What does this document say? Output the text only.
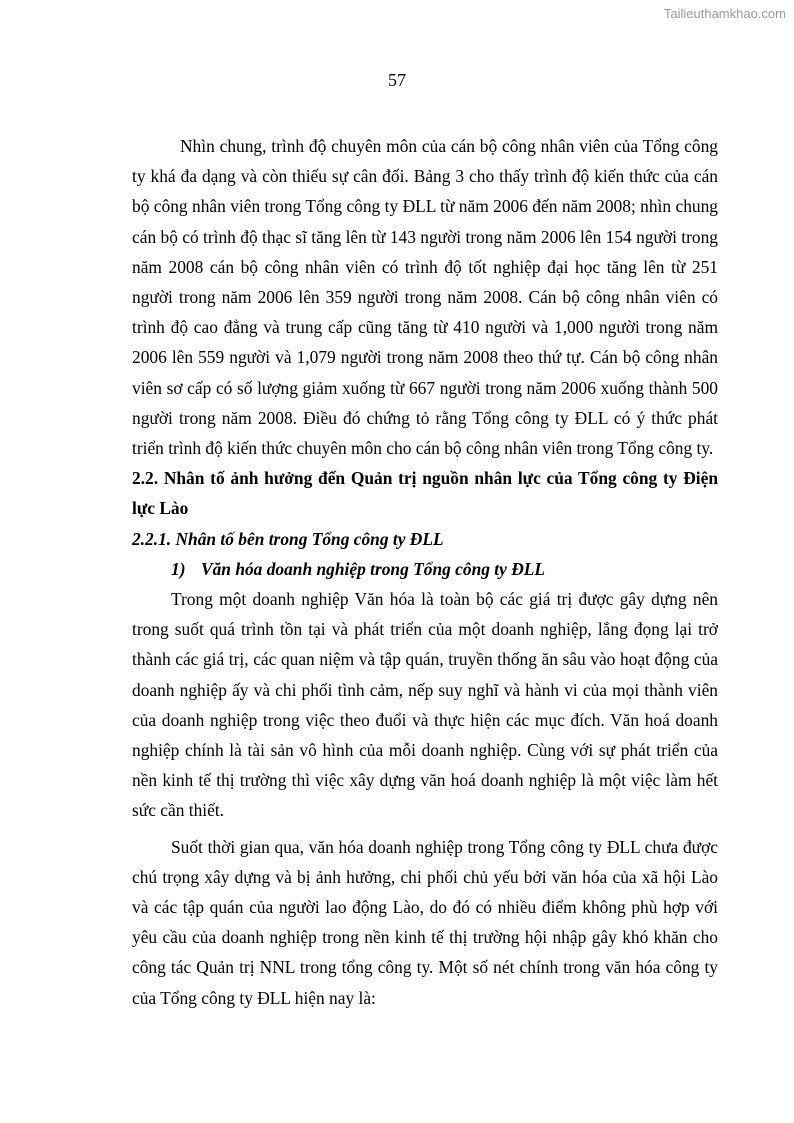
Tailieuthamkhao.com
57

Nhìn chung, trình độ chuyên môn của cán bộ công nhân viên của Tổng công ty khá đa dạng và còn thiếu sự cân đối. Bảng 3 cho thấy trình độ kiến thức của cán bộ công nhân viên trong Tổng công ty ĐLL từ năm 2006 đến năm 2008; nhìn chung cán bộ có trình độ thạc sĩ tăng lên từ 143 người trong năm 2006 lên 154 người trong năm 2008 cán bộ công nhân viên có trình độ tốt nghiệp đại học tăng lên từ 251 người trong năm 2006 lên 359 người trong năm 2008. Cán bộ công nhân viên có trình độ cao đẳng và trung cấp cũng tăng từ 410 người và 1,000 người trong năm 2006 lên 559 người và 1,079 người trong năm 2008 theo thứ tự. Cán bộ công nhân viên sơ cấp có số lượng giảm xuống từ 667 người trong năm 2006 xuống thành 500 người trong năm 2008. Điều đó chứng tỏ rằng Tổng công ty ĐLL có ý thức phát triển trình độ kiến thức chuyên môn cho cán bộ công nhân viên trong Tổng công ty.

2.2. Nhân tố ảnh hưởng đến Quản trị nguồn nhân lực của Tổng công ty Điện lực Lào

2.2.1. Nhân tố bên trong Tổng công ty ĐLL

1) Văn hóa doanh nghiệp trong Tổng công ty ĐLL

Trong một doanh nghiệp Văn hóa là toàn bộ các giá trị được gây dựng nên trong suốt quá trình tồn tại và phát triển của một doanh nghiệp, lắng đọng lại trở thành các giá trị, các quan niệm và tập quán, truyền thống ăn sâu vào hoạt động của doanh nghiệp ấy và chi phối tình cảm, nếp suy nghĩ và hành vi của mọi thành viên của doanh nghiệp trong việc theo đuổi và thực hiện các mục đích. Văn hoá doanh nghiệp chính là tài sản vô hình của mỗi doanh nghiệp. Cùng với sự phát triển của nền kinh tế thị trường thì việc xây dựng văn hoá doanh nghiệp là một việc làm hết sức cần thiết.

Suốt thời gian qua, văn hóa doanh nghiệp trong Tổng công ty ĐLL chưa được chú trọng xây dựng và bị ảnh hưởng, chi phối chủ yếu bởi văn hóa của xã hội Lào và các tập quán của người lao động Lào, do đó có nhiều điểm không phù hợp với yêu cầu của doanh nghiệp trong nền kinh tế thị trường hội nhập gây khó khăn cho công tác Quản trị NNL trong tổng công ty. Một số nét chính trong văn hóa công ty của Tổng công ty ĐLL hiện nay là:
